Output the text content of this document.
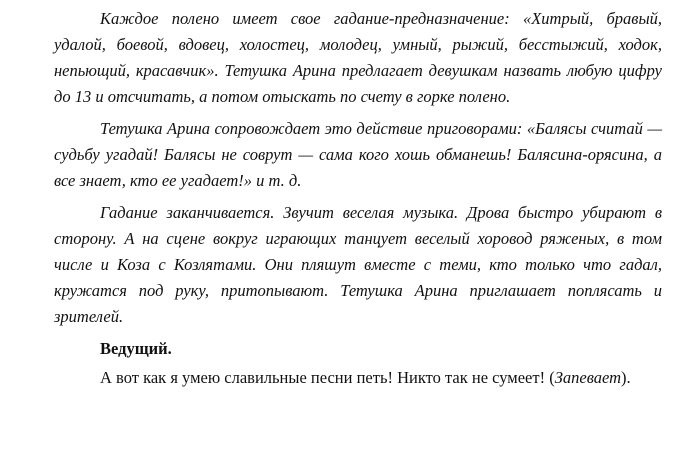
Каждое полено имеет свое гадание-предназначение: «Хитрый, бравый, удалой, боевой, вдовец, холостец, молодец, умный, рыжий, бесстыжий, ходок, непьющий, красавчик». Тетушка Арина предлагает девушкам назвать любую цифру до 13 и отсчитать, а потом отыскать по счету в горке полено.

Тетушка Арина сопровождает это действие приговорами: «Балясы считай — судьбу угадай! Балясы не соврут — сама кого хошь обманешь! Балясина-орясина, а все знает, кто ее угадает!» и т. д.

Гадание заканчивается. Звучит веселая музыка. Дрова быстро убирают в сторону. А на сцене вокруг играющих танцует веселый хоровод ряженых, в том числе и Коза с Козлятами. Они пляшут вместе с теми, кто только что гадал, кружатся под руку, притопывают. Тетушка Арина приглашает поплясать и зрителей.

Ведущий.

А вот как я умею славильные песни петь! Никто так не сумеет! (Запевает).
